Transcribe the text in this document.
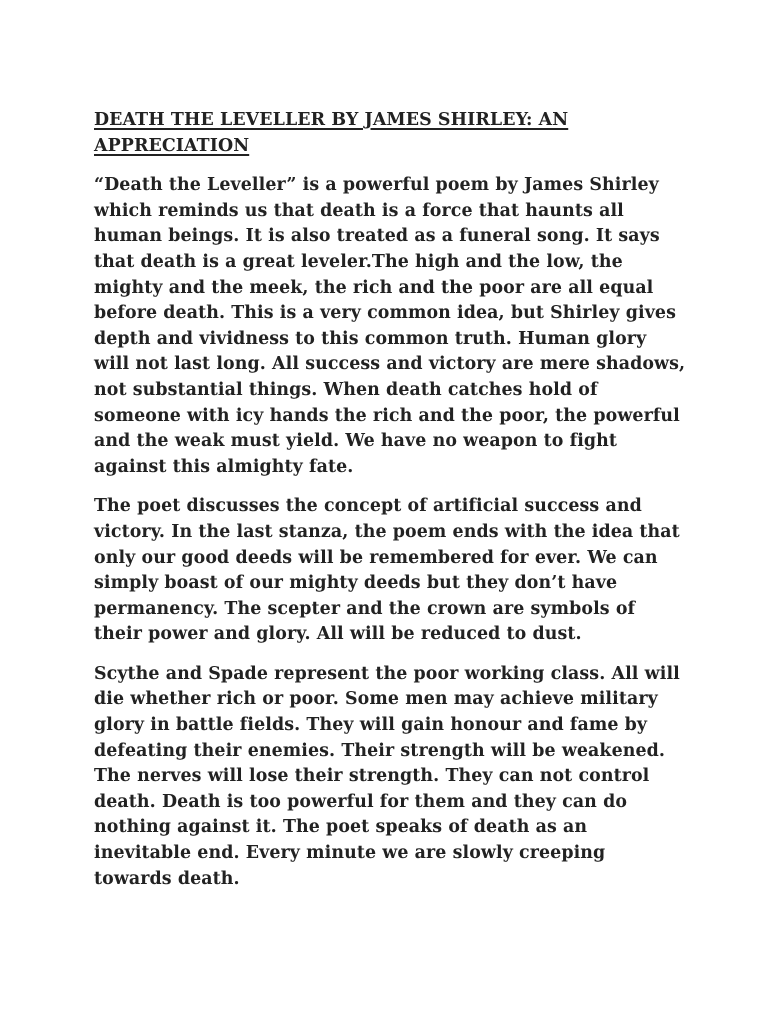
DEATH THE LEVELLER BY JAMES SHIRLEY: AN APPRECIATION

“Death the Leveller” is a powerful poem by James Shirley which reminds us that death is a force that haunts all human beings. It is also treated as a funeral song. It says that death is a great leveler.The high and the low, the mighty and the meek, the rich and the poor are all equal before death. This is a very common idea, but Shirley gives depth and vividness to this common truth. Human glory will not last long. All success and victory are mere shadows, not substantial things. When death catches hold of someone with icy hands the rich and the poor, the powerful and the weak must yield. We have no weapon to fight against this almighty fate.

The poet discusses the concept of artificial success and victory. In the last stanza, the poem ends with the idea that only our good deeds will be remembered for ever. We can simply boast of our mighty deeds but they don’t have permanency. The scepter and the crown are symbols of their power and glory. All will be reduced to dust.

Scythe and Spade represent the poor working class. All will die whether rich or poor. Some men may achieve military glory in battle fields. They will gain honour and fame by defeating their enemies. Their strength will be weakened. The nerves will lose their strength. They can not control death. Death is too powerful for them and they can do nothing against it. The poet speaks of death as an inevitable end. Every minute we are slowly creeping towards death.
